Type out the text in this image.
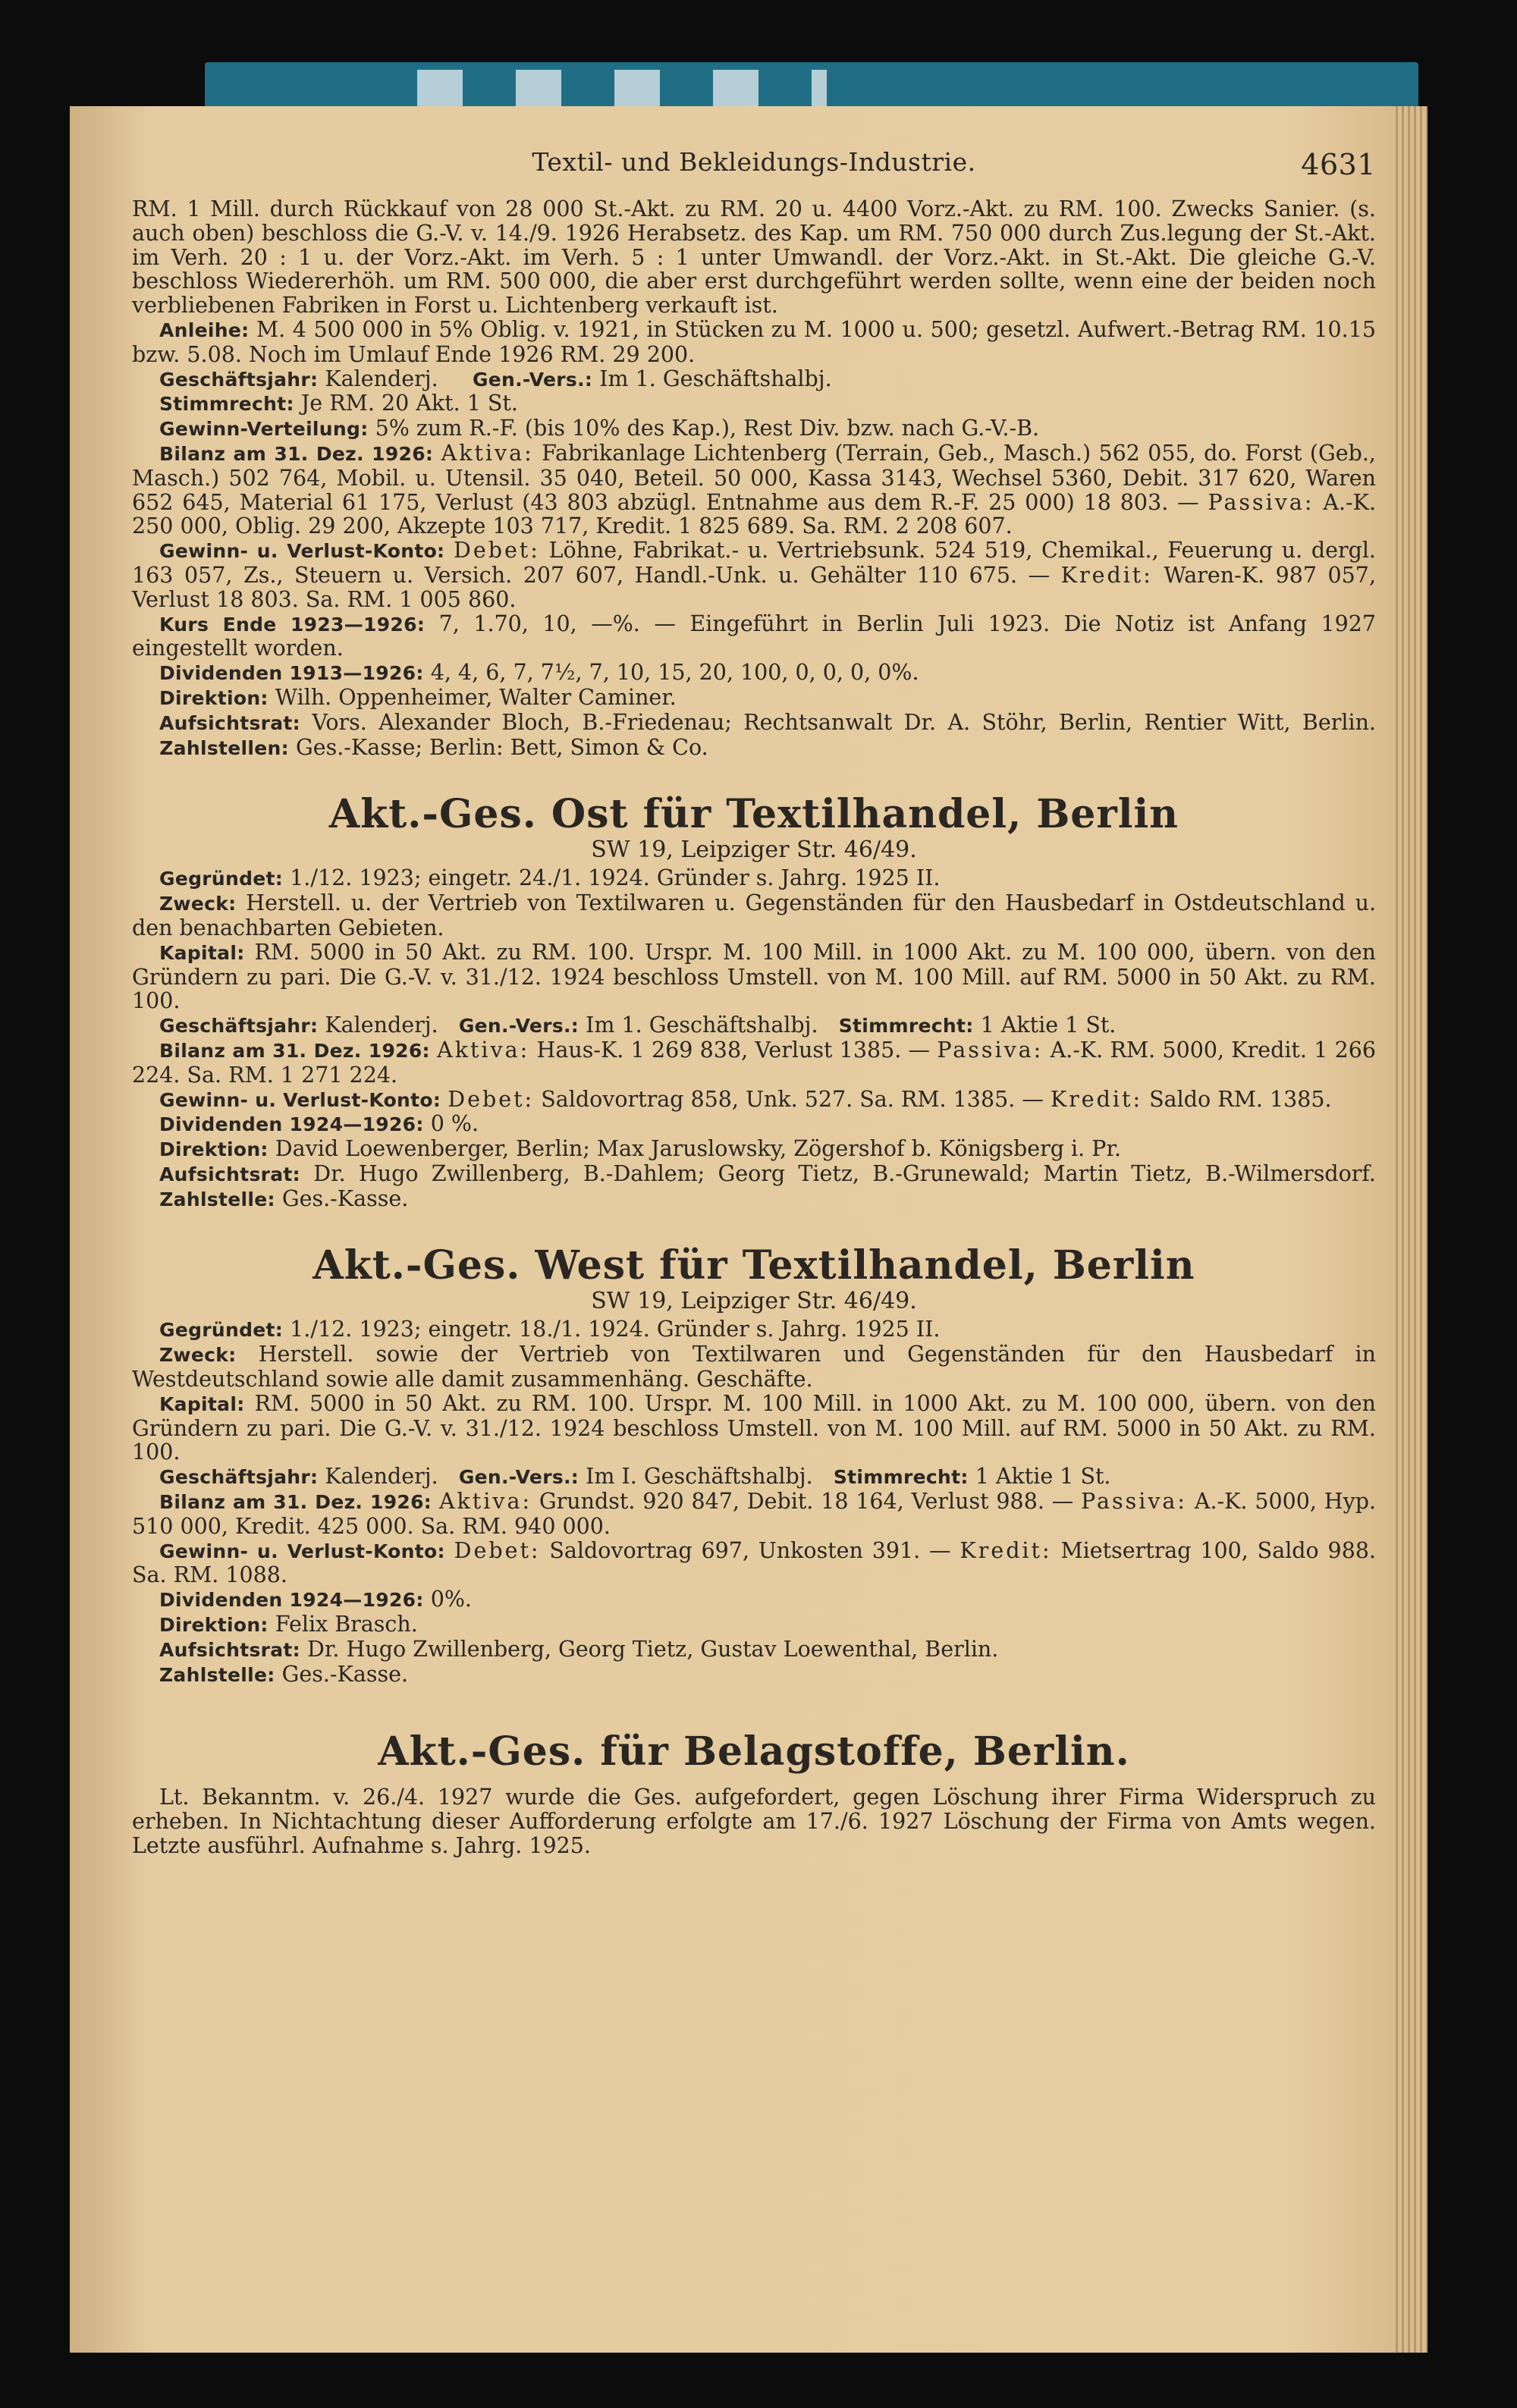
Textil- und Bekleidungs-Industrie.	4631

RM. 1 Mill. durch Rückkauf von 28 000 St.-Akt. zu RM. 20 u. 4400 Vorz.-Akt. zu RM. 100. Zwecks Sanier. (s. auch oben) beschloss die G.-V. v. 14./9. 1926 Herabsetz. des Kap. um RM. 750 000 durch Zus.legung der St.-Akt. im Verh. 20 : 1 u. der Vorz.-Akt. im Verh. 5 : 1 unter Umwandl. der Vorz.-Akt. in St.-Akt. Die gleiche G.-V. beschloss Wiedererhöh. um RM. 500 000, die aber erst durchgeführt werden sollte, wenn eine der beiden noch verbliebenen Fabriken in Forst u. Lichtenberg verkauft ist.

Anleihe: M. 4 500 000 in 5% Oblig. v. 1921, in Stücken zu M. 1000 u. 500; gesetzl. Aufwert.-Betrag RM. 10.15 bzw. 5.08. Noch im Umlauf Ende 1926 RM. 29 200.

Geschäftsjahr: Kalenderj. Gen.-Vers.: Im 1. Geschäftshalbj.

Stimmrecht: Je RM. 20 Akt. 1 St.

Gewinn-Verteilung: 5% zum R.-F. (bis 10% des Kap.), Rest Div. bzw. nach G.-V.-B.

Bilanz am 31. Dez. 1926: Aktiva: Fabrikanlage Lichtenberg (Terrain, Geb., Masch.) 562 055, do. Forst (Geb., Masch.) 502 764, Mobil. u. Utensil. 35 040, Beteil. 50 000, Kassa 3143, Wechsel 5360, Debit. 317 620, Waren 652 645, Material 61 175, Verlust (43 803 abzügl. Entnahme aus dem R.-F. 25 000) 18 803. — Passiva: A.-K. 250 000, Oblig. 29 200, Akzepte 103 717, Kredit. 1 825 689. Sa. RM. 2 208 607.

Gewinn- u. Verlust-Konto: Debet: Löhne, Fabrikat.- u. Vertriebsunk. 524 519, Chemikal., Feuerung u. dergl. 163 057, Zs., Steuern u. Versich. 207 607, Handl.-Unk. u. Gehälter 110 675. — Kredit: Waren-K. 987 057, Verlust 18 803. Sa. RM. 1 005 860.

Kurs Ende 1923—1926: 7, 1.70, 10, —%. — Eingeführt in Berlin Juli 1923. Die Notiz ist Anfang 1927 eingestellt worden.

Dividenden 1913—1926: 4, 4, 6, 7, 7½, 7, 10, 15, 20, 100, 0, 0, 0, 0%.

Direktion: Wilh. Oppenheimer, Walter Caminer.

Aufsichtsrat: Vors. Alexander Bloch, B.-Friedenau; Rechtsanwalt Dr. A. Stöhr, Berlin, Rentier Witt, Berlin.     Zahlstellen: Ges.-Kasse; Berlin: Bett, Simon & Co.

Akt.-Ges. Ost für Textilhandel, Berlin
SW 19, Leipziger Str. 46/49.

Gegründet: 1./12. 1923; eingetr. 24./1. 1924. Gründer s. Jahrg. 1925 II.

Zweck: Herstell. u. der Vertrieb von Textilwaren u. Gegenständen für den Hausbedarf in Ostdeutschland u. den benachbarten Gebieten.

Kapital: RM. 5000 in 50 Akt. zu RM. 100. Urspr. M. 100 Mill. in 1000 Akt. zu M. 100 000, übern. von den Gründern zu pari. Die G.-V. v. 31./12. 1924 beschloss Umstell. von M. 100 Mill. auf RM. 5000 in 50 Akt. zu RM. 100.

Geschäftsjahr: Kalenderj. Gen.-Vers.: Im 1. Geschäftshalbj. Stimmrecht: 1 Aktie 1 St.

Bilanz am 31. Dez. 1926: Aktiva: Haus-K. 1 269 838, Verlust 1385. — Passiva: A.-K. RM. 5000, Kredit. 1 266 224. Sa. RM. 1 271 224.

Gewinn- u. Verlust-Konto: Debet: Saldovortrag 858, Unk. 527. Sa. RM. 1385. — Kredit: Saldo RM. 1385.

Dividenden 1924—1926: 0 %.

Direktion: David Loewenberger, Berlin; Max Jaruslowsky, Zögershof b. Königsberg i. Pr.

Aufsichtsrat: Dr. Hugo Zwillenberg, B.-Dahlem; Georg Tietz, B.-Grunewald; Martin Tietz, B.-Wilmersdorf.     Zahlstelle: Ges.-Kasse.

Akt.-Ges. West für Textilhandel, Berlin
SW 19, Leipziger Str. 46/49.

Gegründet: 1./12. 1923; eingetr. 18./1. 1924. Gründer s. Jahrg. 1925 II.

Zweck: Herstell. sowie der Vertrieb von Textilwaren und Gegenständen für den Hausbedarf in Westdeutschland sowie alle damit zusammenhäng. Geschäfte.

Kapital: RM. 5000 in 50 Akt. zu RM. 100. Urspr. M. 100 Mill. in 1000 Akt. zu M. 100 000, übern. von den Gründern zu pari. Die G.-V. v. 31./12. 1924 beschloss Umstell. von M. 100 Mill. auf RM. 5000 in 50 Akt. zu RM. 100.

Geschäftsjahr: Kalenderj. Gen.-Vers.: Im I. Geschäftshalbj. Stimmrecht: 1 Aktie 1 St.

Bilanz am 31. Dez. 1926: Aktiva: Grundst. 920 847, Debit. 18 164, Verlust 988. — Passiva: A.-K. 5000, Hyp. 510 000, Kredit. 425 000. Sa. RM. 940 000.

Gewinn- u. Verlust-Konto: Debet: Saldovortrag 697, Unkosten 391. — Kredit: Mietsertrag 100, Saldo 988. Sa. RM. 1088.

Dividenden 1924—1926: 0%.

Direktion: Felix Brasch.

Aufsichtsrat: Dr. Hugo Zwillenberg, Georg Tietz, Gustav Loewenthal, Berlin.

Zahlstelle: Ges.-Kasse.

Akt.-Ges. für Belagstoffe, Berlin.

Lt. Bekanntm. v. 26./4. 1927 wurde die Ges. aufgefordert, gegen Löschung ihrer Firma Widerspruch zu erheben. In Nichtachtung dieser Aufforderung erfolgte am 17./6. 1927 Löschung der Firma von Amts wegen. Letzte ausführl. Aufnahme s. Jahrg. 1925.
